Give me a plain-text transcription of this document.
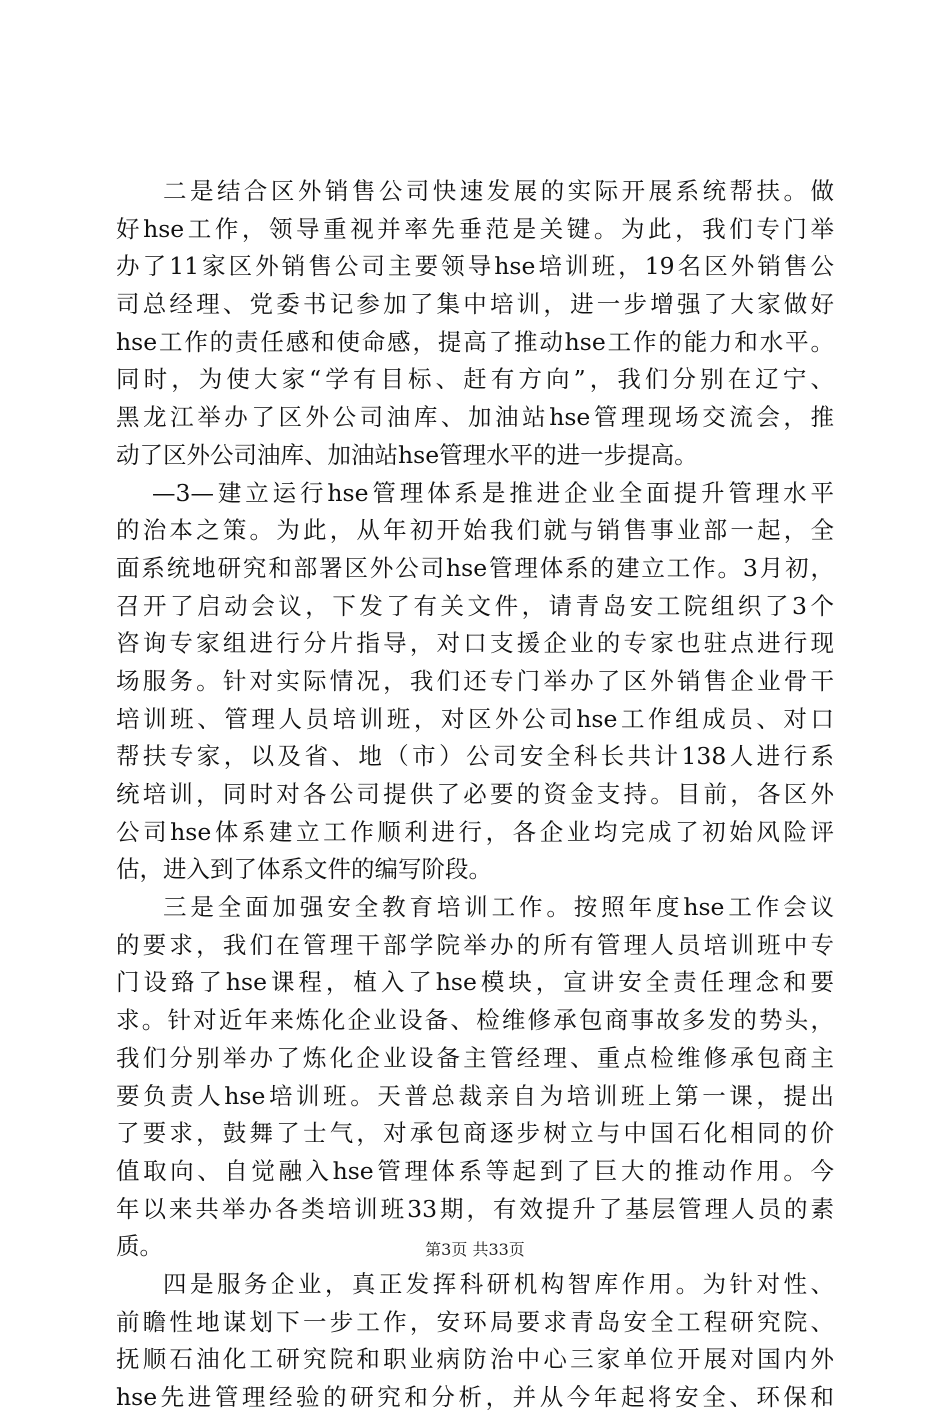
二是结合区外销售公司快速发展的实际开展系统帮扶。做
好hse工作，领导重视并率先垂范是关键。为此，我们专门举
办了11家区外销售公司主要领导hse培训班，19名区外销售公
司总经理、党委书记参加了集中培训，进一步增强了大家做好
hse工作的责任感和使命感，提高了推动hse工作的能力和水平。
同时，为使大家“学有目标、赶有方向”，我们分别在辽宁、
黑龙江举办了区外公司油库、加油站hse管理现场交流会，推
动了区外公司油库、加油站hse管理水平的进一步提高。
—3—建立运行hse管理体系是推进企业全面提升管理水平
的治本之策。为此，从年初开始我们就与销售事业部一起，全
面系统地研究和部署区外公司hse管理体系的建立工作。3月初，
召开了启动会议，下发了有关文件，请青岛安工院组织了3个
咨询专家组进行分片指导，对口支援企业的专家也驻点进行现
场服务。针对实际情况，我们还专门举办了区外销售企业骨干
培训班、管理人员培训班，对区外公司hse工作组成员、对口
帮扶专家，以及省、地（市）公司安全科长共计138人进行系
统培训，同时对各公司提供了必要的资金支持。目前，各区外
公司hse体系建立工作顺利进行，各企业均完成了初始风险评
估，进入到了体系文件的编写阶段。
三是全面加强安全教育培训工作。按照年度hse工作会议
的要求，我们在管理干部学院举办的所有管理人员培训班中专
门设臵了hse课程，植入了hse模块，宣讲安全责任理念和要
求。针对近年来炼化企业设备、检维修承包商事故多发的势头，
我们分别举办了炼化企业设备主管经理、重点检维修承包商主
要负责人hse培训班。天普总裁亲自为培训班上第一课，提出
了要求，鼓舞了士气，对承包商逐步树立与中国石化相同的价
值取向、自觉融入hse管理体系等起到了巨大的推动作用。今
年以来共举办各类培训班33期，有效提升了基层管理人员的素
质。
四是服务企业，真正发挥科研机构智库作用。为针对性、
前瞻性地谋划下一步工作，安环局要求青岛安全工程研究院、
抚顺石油化工研究院和职业病防治中心三家单位开展对国内外
hse先进管理经验的研究和分析，并从今年起将安全、环保和
第3页 共33页
